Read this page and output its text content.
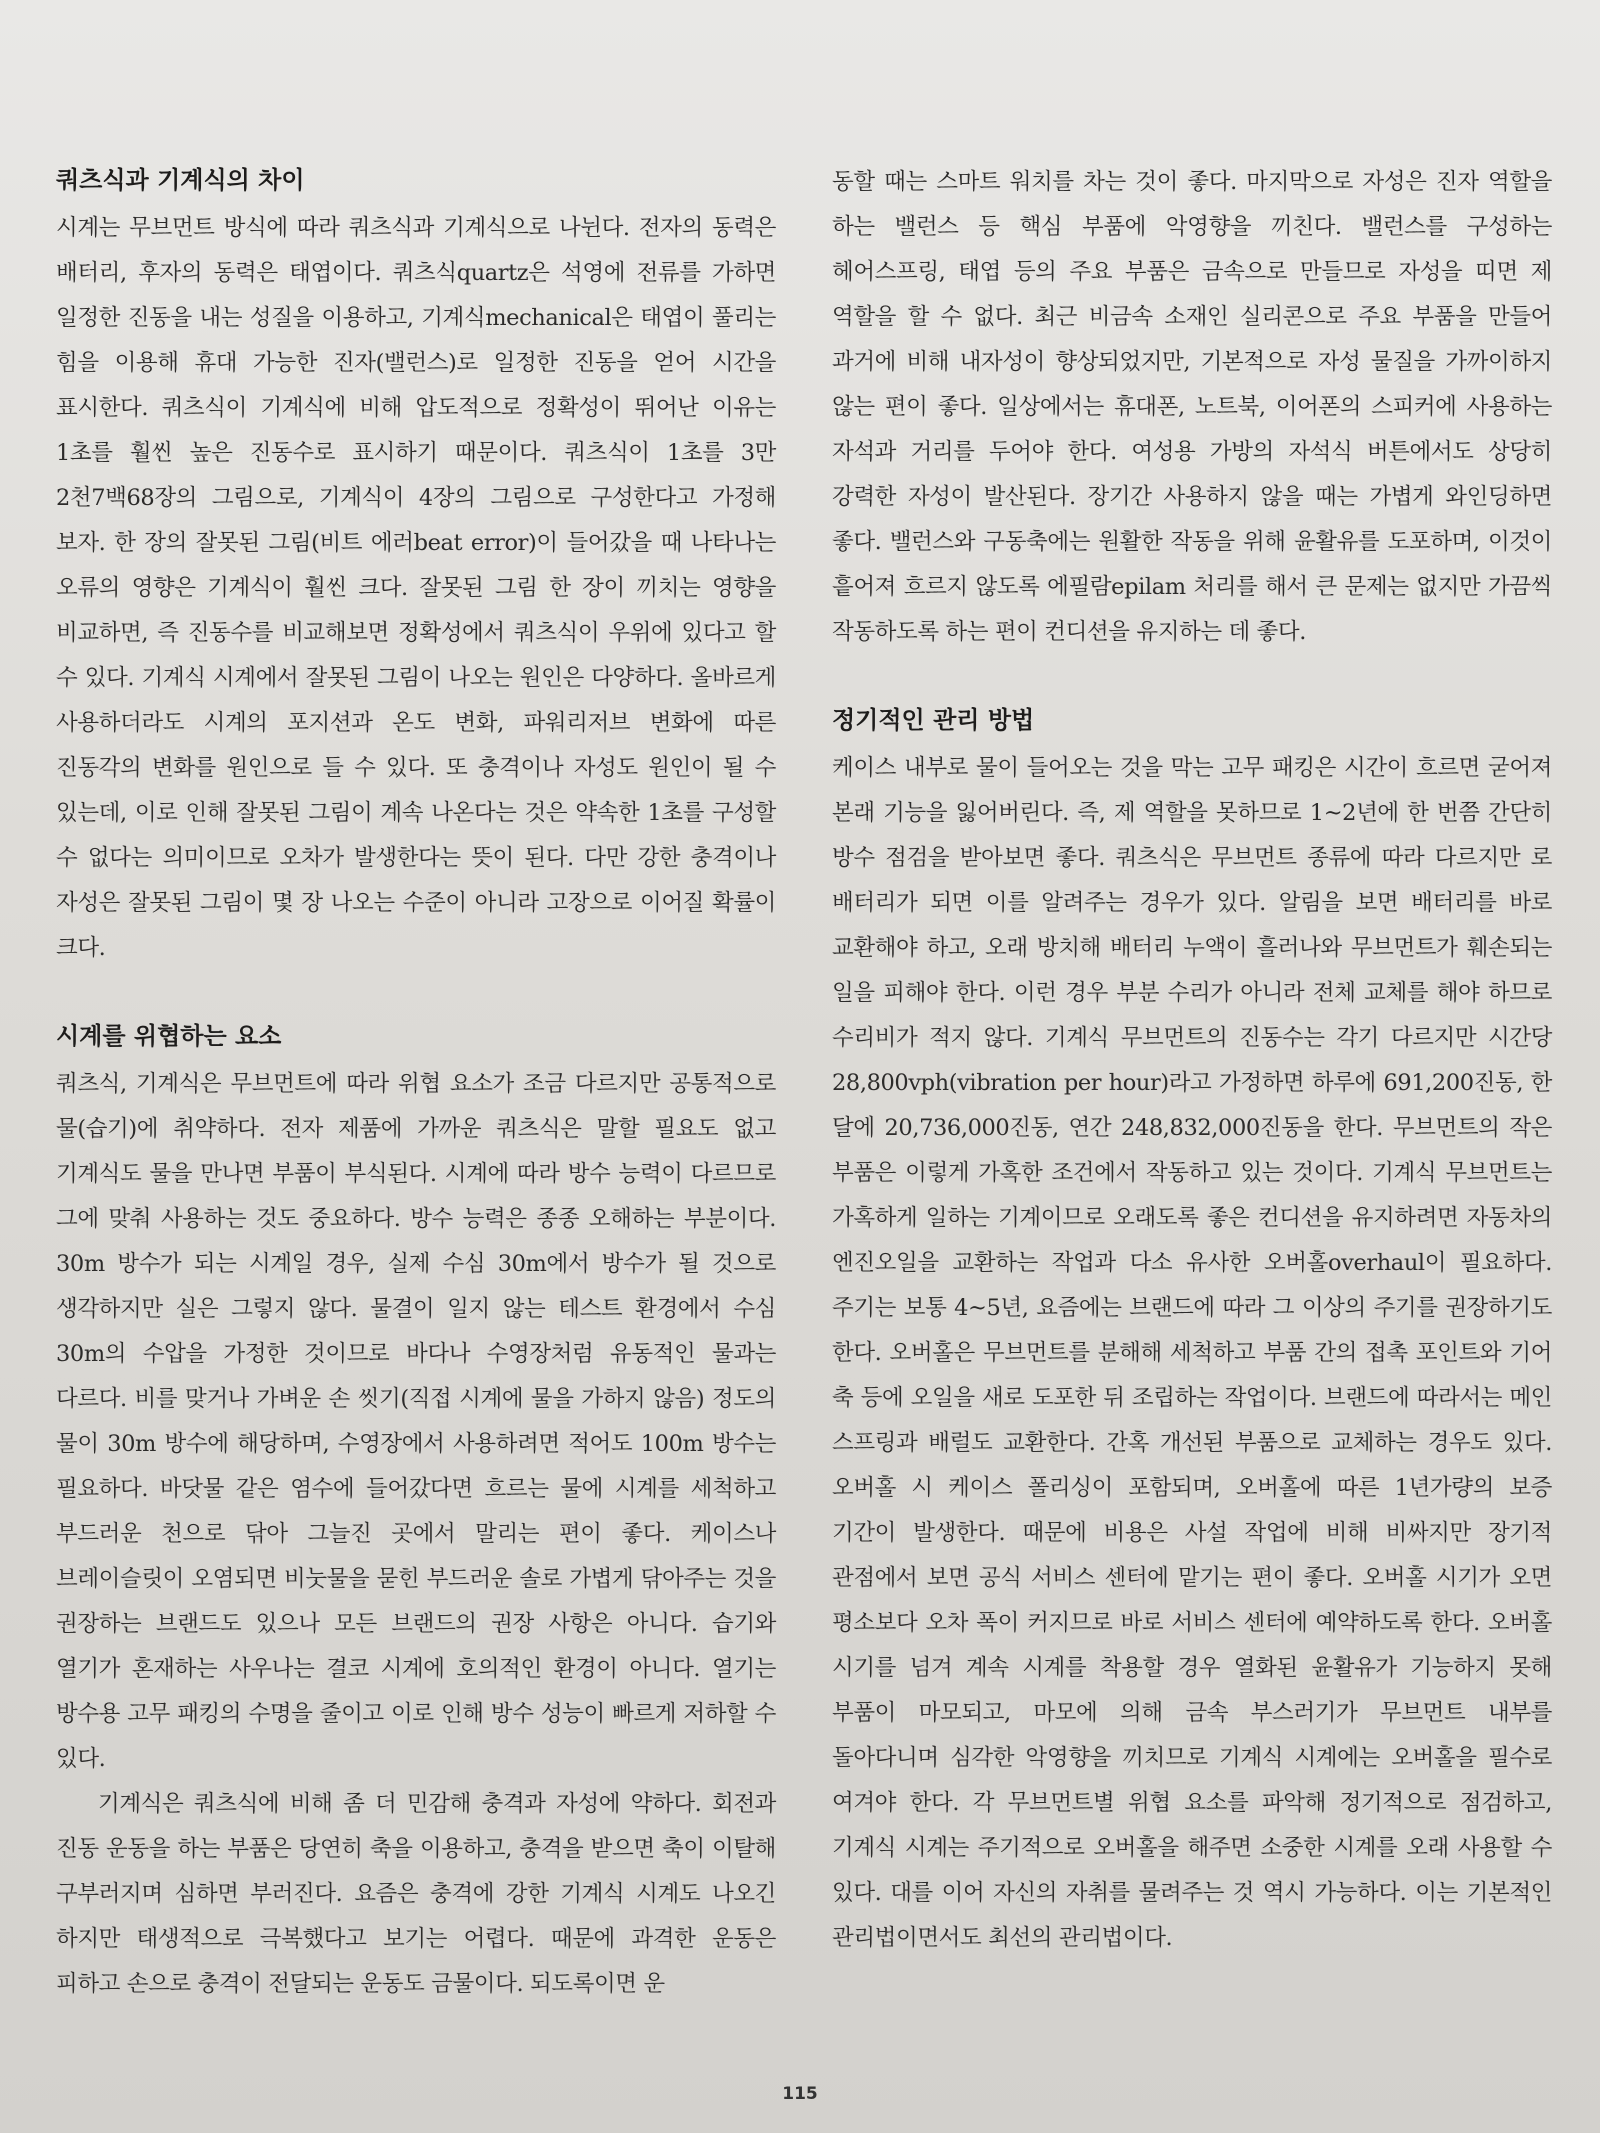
쿼츠식과 기계식의 차이

시계는 무브먼트 방식에 따라 쿼츠식과 기계식으로 나뉜다. 전자의 동력은 배터리, 후자의 동력은 태엽이다. 쿼츠식quartz은 석영에 전류를 가하면 일정한 진동을 내는 성질을 이용하고, 기계식mechanical은 태엽이 풀리는 힘을 이용해 휴대 가능한 진자(밸런스)로 일정한 진동을 얻어 시간을 표시한다. 쿼츠식이 기계식에 비해 압도적으로 정확성이 뛰어난 이유는 1초를 훨씬 높은 진동수로 표시하기 때문이다. 쿼츠식이 1초를 3만 2천7백68장의 그림으로, 기계식이 4장의 그림으로 구성한다고 가정해 보자. 한 장의 잘못된 그림(비트 에러beat error)이 들어갔을 때 나타나는 오류의 영향은 기계식이 훨씬 크다. 잘못된 그림 한 장이 끼치는 영향을 비교하면, 즉 진동수를 비교해보면 정확성에서 쿼츠식이 우위에 있다고 할 수 있다. 기계식 시계에서 잘못된 그림이 나오는 원인은 다양하다. 올바르게 사용하더라도 시계의 포지션과 온도 변화, 파워리저브 변화에 따른 진동각의 변화를 원인으로 들 수 있다. 또 충격이나 자성도 원인이 될 수 있는데, 이로 인해 잘못된 그림이 계속 나온다는 것은 약속한 1초를 구성할 수 없다는 의미이므로 오차가 발생한다는 뜻이 된다. 다만 강한 충격이나 자성은 잘못된 그림이 몇 장 나오는 수준이 아니라 고장으로 이어질 확률이 크다.

시계를 위협하는 요소

쿼츠식, 기계식은 무브먼트에 따라 위협 요소가 조금 다르지만 공통적으로 물(습기)에 취약하다. 전자 제품에 가까운 쿼츠식은 말할 필요도 없고 기계식도 물을 만나면 부품이 부식된다. 시계에 따라 방수 능력이 다르므로 그에 맞춰 사용하는 것도 중요하다. 방수 능력은 종종 오해하는 부분이다. 30m 방수가 되는 시계일 경우, 실제 수심 30m에서 방수가 될 것으로 생각하지만 실은 그렇지 않다. 물결이 일지 않는 테스트 환경에서 수심 30m의 수압을 가정한 것이므로 바다나 수영장처럼 유동적인 물과는 다르다. 비를 맞거나 가벼운 손 씻기(직접 시계에 물을 가하지 않음) 정도의 물이 30m 방수에 해당하며, 수영장에서 사용하려면 적어도 100m 방수는 필요하다. 바닷물 같은 염수에 들어갔다면 흐르는 물에 시계를 세척하고 부드러운 천으로 닦아 그늘진 곳에서 말리는 편이 좋다. 케이스나 브레이슬릿이 오염되면 비눗물을 묻힌 부드러운 솔로 가볍게 닦아주는 것을 권장하는 브랜드도 있으나 모든 브랜드의 권장 사항은 아니다. 습기와 열기가 혼재하는 사우나는 결코 시계에 호의적인 환경이 아니다. 열기는 방수용 고무 패킹의 수명을 줄이고 이로 인해 방수 성능이 빠르게 저하할 수 있다.

기계식은 쿼츠식에 비해 좀 더 민감해 충격과 자성에 약하다. 회전과 진동 운동을 하는 부품은 당연히 축을 이용하고, 충격을 받으면 축이 이탈해 구부러지며 심하면 부러진다. 요즘은 충격에 강한 기계식 시계도 나오긴 하지만 태생적으로 극복했다고 보기는 어렵다. 때문에 과격한 운동은 피하고 손으로 충격이 전달되는 운동도 금물이다. 되도록이면 운

동할 때는 스마트 워치를 차는 것이 좋다. 마지막으로 자성은 진자 역할을 하는 밸런스 등 핵심 부품에 악영향을 끼친다. 밸런스를 구성하는 헤어스프링, 태엽 등의 주요 부품은 금속으로 만들므로 자성을 띠면 제 역할을 할 수 없다. 최근 비금속 소재인 실리콘으로 주요 부품을 만들어 과거에 비해 내자성이 향상되었지만, 기본적으로 자성 물질을 가까이하지 않는 편이 좋다. 일상에서는 휴대폰, 노트북, 이어폰의 스피커에 사용하는 자석과 거리를 두어야 한다. 여성용 가방의 자석식 버튼에서도 상당히 강력한 자성이 발산된다. 장기간 사용하지 않을 때는 가볍게 와인딩하면 좋다. 밸런스와 구동축에는 원활한 작동을 위해 윤활유를 도포하며, 이것이 흩어져 흐르지 않도록 에필람epilam 처리를 해서 큰 문제는 없지만 가끔씩 작동하도록 하는 편이 컨디션을 유지하는 데 좋다.

정기적인 관리 방법

케이스 내부로 물이 들어오는 것을 막는 고무 패킹은 시간이 흐르면 굳어져 본래 기능을 잃어버린다. 즉, 제 역할을 못하므로 1~2년에 한 번쯤 간단히 방수 점검을 받아보면 좋다. 쿼츠식은 무브먼트 종류에 따라 다르지만 로 배터리가 되면 이를 알려주는 경우가 있다. 알림을 보면 배터리를 바로 교환해야 하고, 오래 방치해 배터리 누액이 흘러나와 무브먼트가 훼손되는 일을 피해야 한다. 이런 경우 부분 수리가 아니라 전체 교체를 해야 하므로 수리비가 적지 않다. 기계식 무브먼트의 진동수는 각기 다르지만 시간당 28,800vph(vibration per hour)라고 가정하면 하루에 691,200진동, 한 달에 20,736,000진동, 연간 248,832,000진동을 한다. 무브먼트의 작은 부품은 이렇게 가혹한 조건에서 작동하고 있는 것이다. 기계식 무브먼트는 가혹하게 일하는 기계이므로 오래도록 좋은 컨디션을 유지하려면 자동차의 엔진오일을 교환하는 작업과 다소 유사한 오버홀overhaul이 필요하다. 주기는 보통 4~5년, 요즘에는 브랜드에 따라 그 이상의 주기를 권장하기도 한다. 오버홀은 무브먼트를 분해해 세척하고 부품 간의 접촉 포인트와 기어 축 등에 오일을 새로 도포한 뒤 조립하는 작업이다. 브랜드에 따라서는 메인 스프링과 배럴도 교환한다. 간혹 개선된 부품으로 교체하는 경우도 있다. 오버홀 시 케이스 폴리싱이 포함되며, 오버홀에 따른 1년가량의 보증 기간이 발생한다. 때문에 비용은 사설 작업에 비해 비싸지만 장기적 관점에서 보면 공식 서비스 센터에 맡기는 편이 좋다. 오버홀 시기가 오면 평소보다 오차 폭이 커지므로 바로 서비스 센터에 예약하도록 한다. 오버홀 시기를 넘겨 계속 시계를 착용할 경우 열화된 윤활유가 기능하지 못해 부품이 마모되고, 마모에 의해 금속 부스러기가 무브먼트 내부를 돌아다니며 심각한 악영향을 끼치므로 기계식 시계에는 오버홀을 필수로 여겨야 한다. 각 무브먼트별 위협 요소를 파악해 정기적으로 점검하고, 기계식 시계는 주기적으로 오버홀을 해주면 소중한 시계를 오래 사용할 수 있다. 대를 이어 자신의 자취를 물려주는 것 역시 가능하다. 이는 기본적인 관리법이면서도 최선의 관리법이다.

115
